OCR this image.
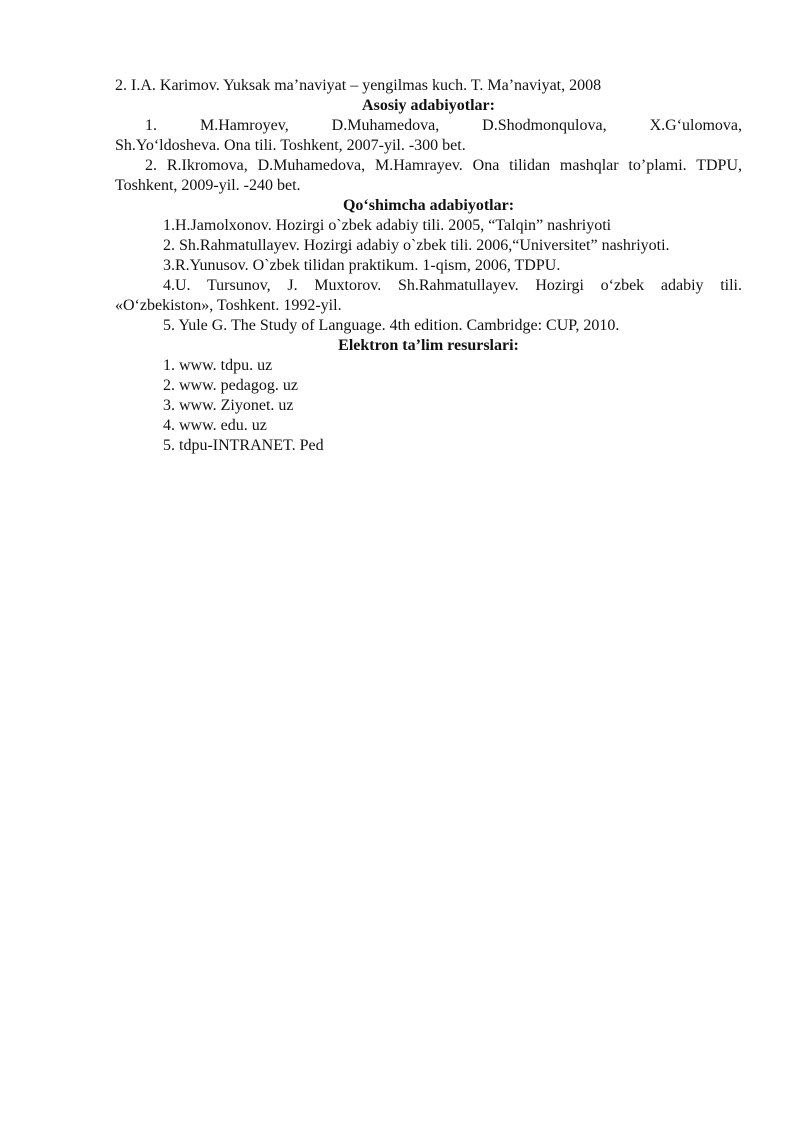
2. I.A. Karimov. Yuksak ma’naviyat – yengilmas kuch. T. Ma’naviyat, 2008
Asosiy adabiyotlar:
1. M.Hamroyev, D.Muhamedova, D.Shodmonqulova, X.G‘ulomova,
Sh.Yo‘ldosheva. Ona tili. Toshkent, 2007-yil. -300 bet.
2. R.Ikromova, D.Muhamedova, M.Hamrayev. Ona tilidan mashqlar to’plami. TDPU,
Toshkent, 2009-yil. -240 bet.
Qo‘shimcha adabiyotlar:
1.H.Jamolxonov. Hozirgi o`zbek adabiy tili. 2005, “Talqin” nashriyoti
2. Sh.Rahmatullayev. Hozirgi adabiy o`zbek tili. 2006,“Universitet” nashriyoti.
3.R.Yunusov. O`zbek tilidan praktikum. 1-qism, 2006, TDPU.
4.U. Tursunov, J. Muxtorov. Sh.Rahmatullayev. Hozirgi o‘zbek adabiy tili.
«O‘zbekiston», Toshkent. 1992-yil.
5. Yule G. The Study of Language. 4th edition. Cambridge: CUP, 2010.
Elektron ta’lim resurslari:
1. www. tdpu. uz
2. www. pedagog. uz
3. www. Ziyonet. uz
4. www. edu. uz
5. tdpu-INTRANET. Ped
